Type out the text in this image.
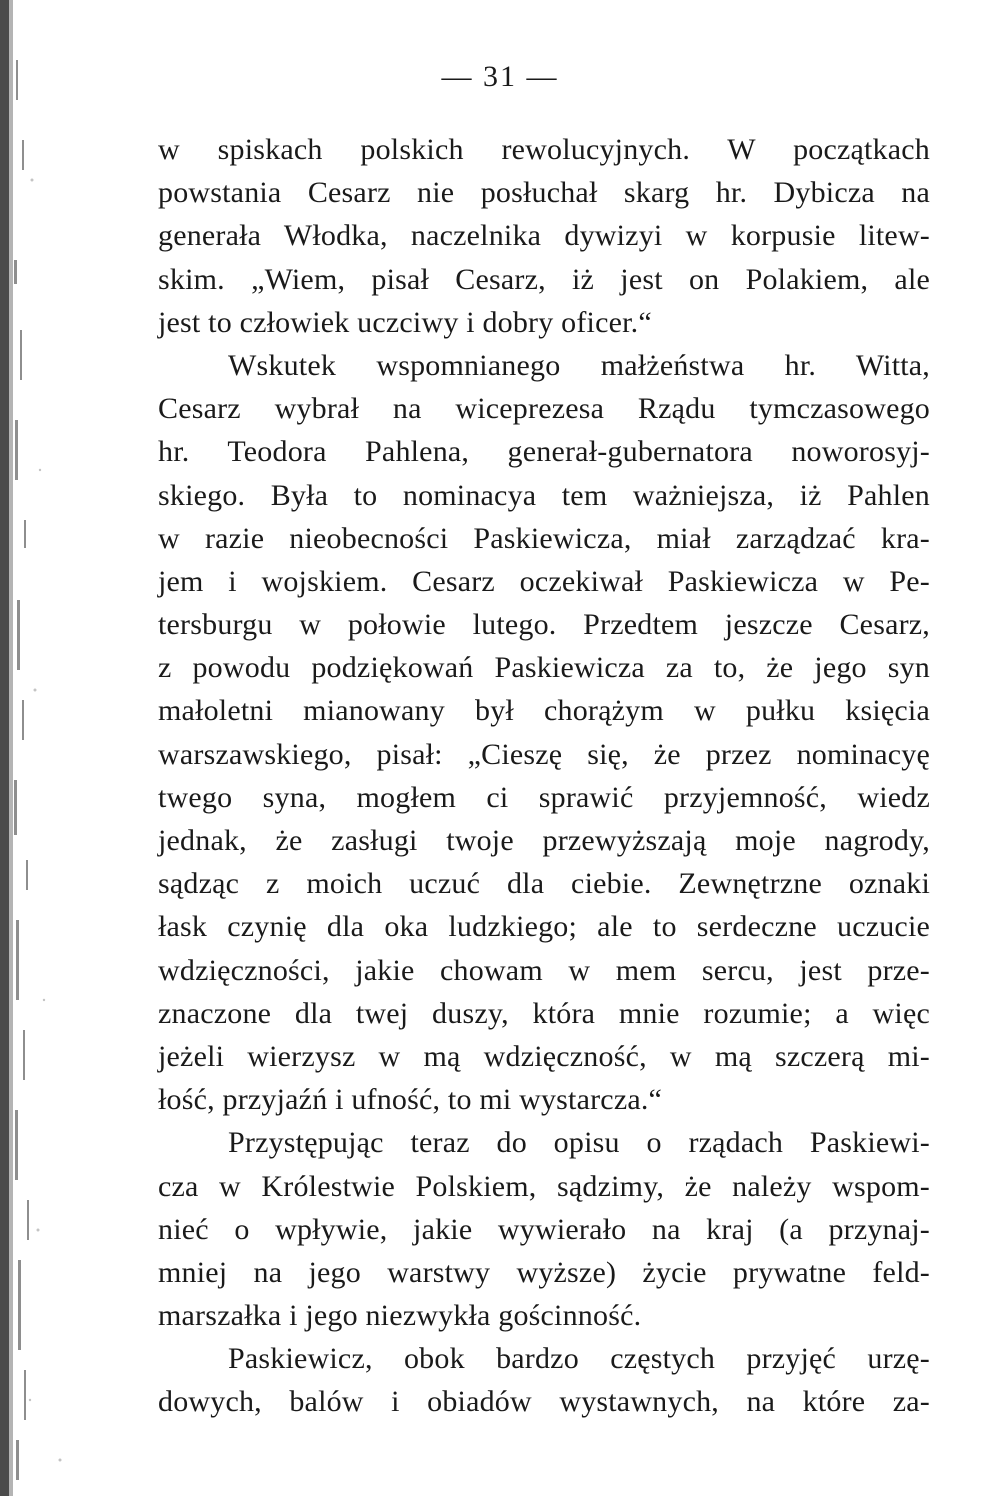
— 31 —
w spiskach polskich rewolucyjnych. W początkach
powstania Cesarz nie posłuchał skarg hr. Dybicza na
generała Włodka, naczelnika dywizyi w korpusie litew-
skim. „Wiem, pisał Cesarz, iż jest on Polakiem, ale
jest to człowiek uczciwy i dobry oficer.“
Wskutek wspomnianego małżeństwa hr. Witta,
Cesarz wybrał na wiceprezesa Rządu tymczasowego
hr. Teodora Pahlena, generał-gubernatora noworosyj-
skiego. Była to nominacya tem ważniejsza, iż Pahlen
w razie nieobecności Paskiewicza, miał zarządzać kra-
jem i wojskiem. Cesarz oczekiwał Paskiewicza w Pe-
tersburgu w połowie lutego. Przedtem jeszcze Cesarz,
z powodu podziękowań Paskiewicza za to, że jego syn
małoletni mianowany był chorążym w pułku księcia
warszawskiego, pisał: „Cieszę się, że przez nominacyę
twego syna, mogłem ci sprawić przyjemność, wiedz
jednak, że zasługi twoje przewyższają moje nagrody,
sądząc z moich uczuć dla ciebie. Zewnętrzne oznaki
łask czynię dla oka ludzkiego; ale to serdeczne uczucie
wdzięczności, jakie chowam w mem sercu, jest prze-
znaczone dla twej duszy, która mnie rozumie; a więc
jeżeli wierzysz w mą wdzięczność, w mą szczerą mi-
łość, przyjaźń i ufność, to mi wystarcza.“
Przystępując teraz do opisu o rządach Paskiewi-
cza w Królestwie Polskiem, sądzimy, że należy wspom-
nieć o wpływie, jakie wywierało na kraj (a przynaj-
mniej na jego warstwy wyższe) życie prywatne feld-
marszałka i jego niezwykła gościnność.
Paskiewicz, obok bardzo częstych przyjęć urzę-
dowych, balów i obiadów wystawnych, na które za-
